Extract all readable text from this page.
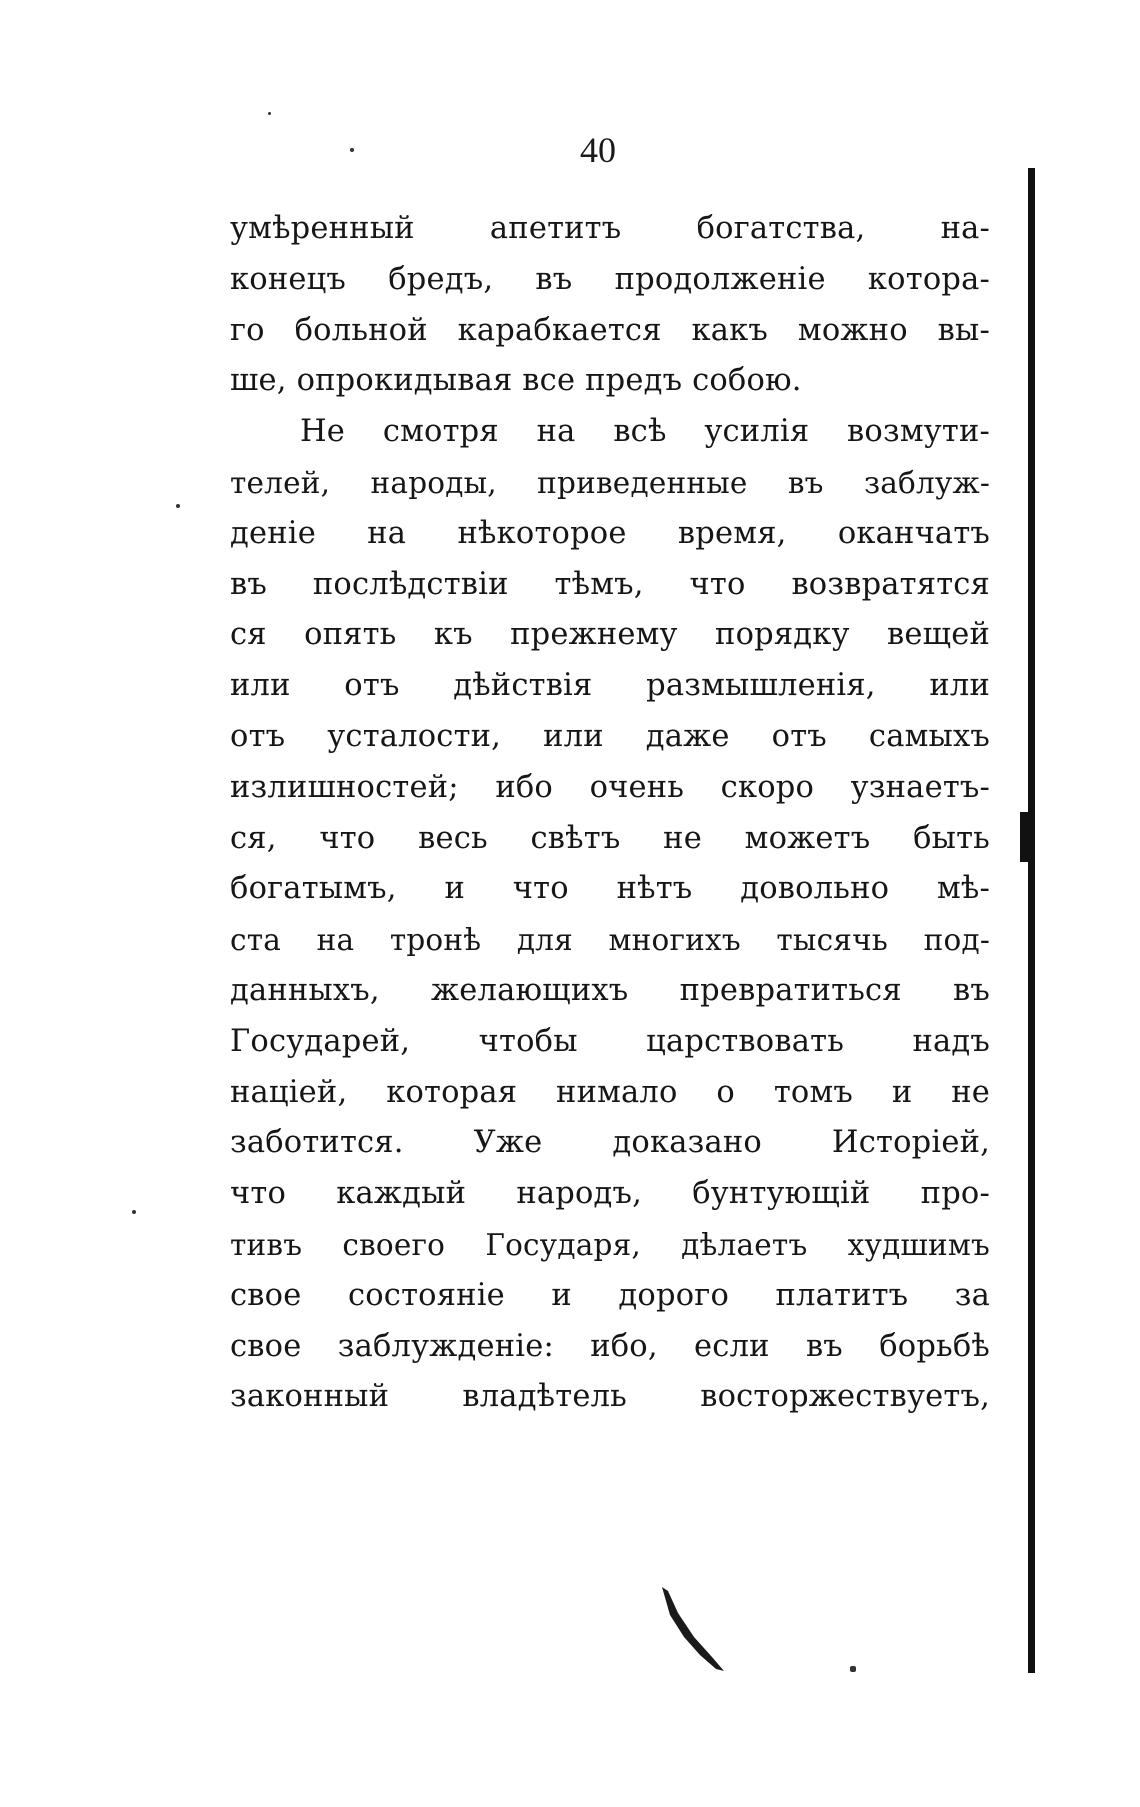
40
умѣренный апетитъ богатства, на-
конецъ бредъ, въ продолженіе котора-
го больной карабкается какъ можно вы-
ше, опрокидывая все предъ собою.
Не смотря на всѣ усилія возмути-
телей, народы, приведенные въ заблуж-
деніе на нѣкоторое время, оканчатъ
въ послѣдствіи тѣмъ, что возвратятся
ся опять къ прежнему порядку вещей
или отъ дѣйствія размышленія, или
отъ усталости, или даже отъ самыхъ
излишностей; ибо очень скоро узнаетъ-
ся, что весь свѣтъ не можетъ быть
богатымъ, и что нѣтъ довольно мѣ-
ста на тронѣ для многихъ тысячь под-
данныхъ, желающихъ превратиться въ
Государей, чтобы царствовать надъ
націей, которая нимало о томъ и не
заботится. Уже доказано Исторіей,
что каждый народъ, бунтующій про-
тивъ своего Государя, дѣлаетъ худшимъ
свое состояніе и дорого платитъ за
свое заблужденіе: ибо, если въ борьбѣ
законный владѣтель восторжествуетъ,
